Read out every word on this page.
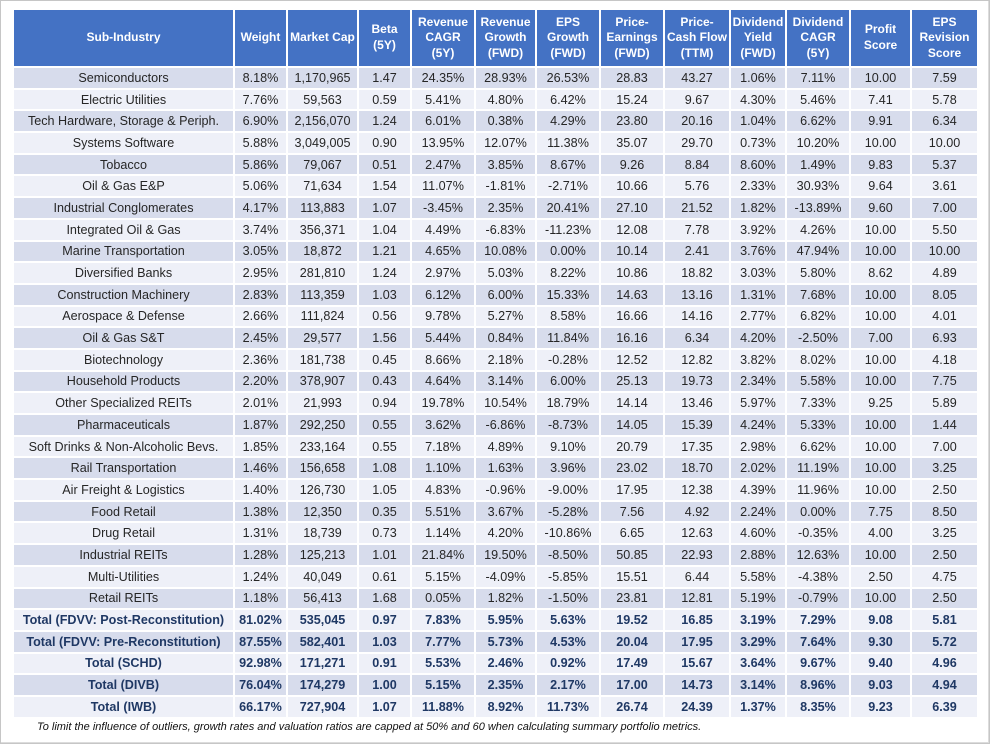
Sub-Industry	Weight	Market Cap	Beta (5Y)	Revenue CAGR (5Y)	Revenue Growth (FWD)	EPS Growth (FWD)	Price-Earnings (FWD)	Price-Cash Flow (TTM)	Dividend Yield (FWD)	Dividend CAGR (5Y)	Profit Score	EPS Revision Score
Semiconductors	8.18%	1,170,965	1.47	24.35%	28.93%	26.53%	28.83	43.27	1.06%	7.11%	10.00	7.59
Electric Utilities	7.76%	59,563	0.59	5.41%	4.80%	6.42%	15.24	9.67	4.30%	5.46%	7.41	5.78
Tech Hardware, Storage & Periph.	6.90%	2,156,070	1.24	6.01%	0.38%	4.29%	23.80	20.16	1.04%	6.62%	9.91	6.34
Systems Software	5.88%	3,049,005	0.90	13.95%	12.07%	11.38%	35.07	29.70	0.73%	10.20%	10.00	10.00
Tobacco	5.86%	79,067	0.51	2.47%	3.85%	8.67%	9.26	8.84	8.60%	1.49%	9.83	5.37
Oil & Gas E&P	5.06%	71,634	1.54	11.07%	-1.81%	-2.71%	10.66	5.76	2.33%	30.93%	9.64	3.61
Industrial Conglomerates	4.17%	113,883	1.07	-3.45%	2.35%	20.41%	27.10	21.52	1.82%	-13.89%	9.60	7.00
Integrated Oil & Gas	3.74%	356,371	1.04	4.49%	-6.83%	-11.23%	12.08	7.78	3.92%	4.26%	10.00	5.50
Marine Transportation	3.05%	18,872	1.21	4.65%	10.08%	0.00%	10.14	2.41	3.76%	47.94%	10.00	10.00
Diversified Banks	2.95%	281,810	1.24	2.97%	5.03%	8.22%	10.86	18.82	3.03%	5.80%	8.62	4.89
Construction Machinery	2.83%	113,359	1.03	6.12%	6.00%	15.33%	14.63	13.16	1.31%	7.68%	10.00	8.05
Aerospace & Defense	2.66%	111,824	0.56	9.78%	5.27%	8.58%	16.66	14.16	2.77%	6.82%	10.00	4.01
Oil & Gas S&T	2.45%	29,577	1.56	5.44%	0.84%	11.84%	16.16	6.34	4.20%	-2.50%	7.00	6.93
Biotechnology	2.36%	181,738	0.45	8.66%	2.18%	-0.28%	12.52	12.82	3.82%	8.02%	10.00	4.18
Household Products	2.20%	378,907	0.43	4.64%	3.14%	6.00%	25.13	19.73	2.34%	5.58%	10.00	7.75
Other Specialized REITs	2.01%	21,993	0.94	19.78%	10.54%	18.79%	14.14	13.46	5.97%	7.33%	9.25	5.89
Pharmaceuticals	1.87%	292,250	0.55	3.62%	-6.86%	-8.73%	14.05	15.39	4.24%	5.33%	10.00	1.44
Soft Drinks & Non-Alcoholic Bevs.	1.85%	233,164	0.55	7.18%	4.89%	9.10%	20.79	17.35	2.98%	6.62%	10.00	7.00
Rail Transportation	1.46%	156,658	1.08	1.10%	1.63%	3.96%	23.02	18.70	2.02%	11.19%	10.00	3.25
Air Freight & Logistics	1.40%	126,730	1.05	4.83%	-0.96%	-9.00%	17.95	12.38	4.39%	11.96%	10.00	2.50
Food Retail	1.38%	12,350	0.35	5.51%	3.67%	-5.28%	7.56	4.92	2.24%	0.00%	7.75	8.50
Drug Retail	1.31%	18,739	0.73	1.14%	4.20%	-10.86%	6.65	12.63	4.60%	-0.35%	4.00	3.25
Industrial REITs	1.28%	125,213	1.01	21.84%	19.50%	-8.50%	50.85	22.93	2.88%	12.63%	10.00	2.50
Multi-Utilities	1.24%	40,049	0.61	5.15%	-4.09%	-5.85%	15.51	6.44	5.58%	-4.38%	2.50	4.75
Retail REITs	1.18%	56,413	1.68	0.05%	1.82%	-1.50%	23.81	12.81	5.19%	-0.79%	10.00	2.50
Total (FDVV: Post-Reconstitution)	81.02%	535,045	0.97	7.83%	5.95%	5.63%	19.52	16.85	3.19%	7.29%	9.08	5.81
Total (FDVV: Pre-Reconstitution)	87.55%	582,401	1.03	7.77%	5.73%	4.53%	20.04	17.95	3.29%	7.64%	9.30	5.72
Total (SCHD)	92.98%	171,271	0.91	5.53%	2.46%	0.92%	17.49	15.67	3.64%	9.67%	9.40	4.96
Total (DIVB)	76.04%	174,279	1.00	5.15%	2.35%	2.17%	17.00	14.73	3.14%	8.96%	9.03	4.94
Total (IWB)	66.17%	727,904	1.07	11.88%	8.92%	11.73%	26.74	24.39	1.37%	8.35%	9.23	6.39
To limit the influence of outliers, growth rates and valuation ratios are capped at 50% and 60 when calculating summary portfolio metrics.
